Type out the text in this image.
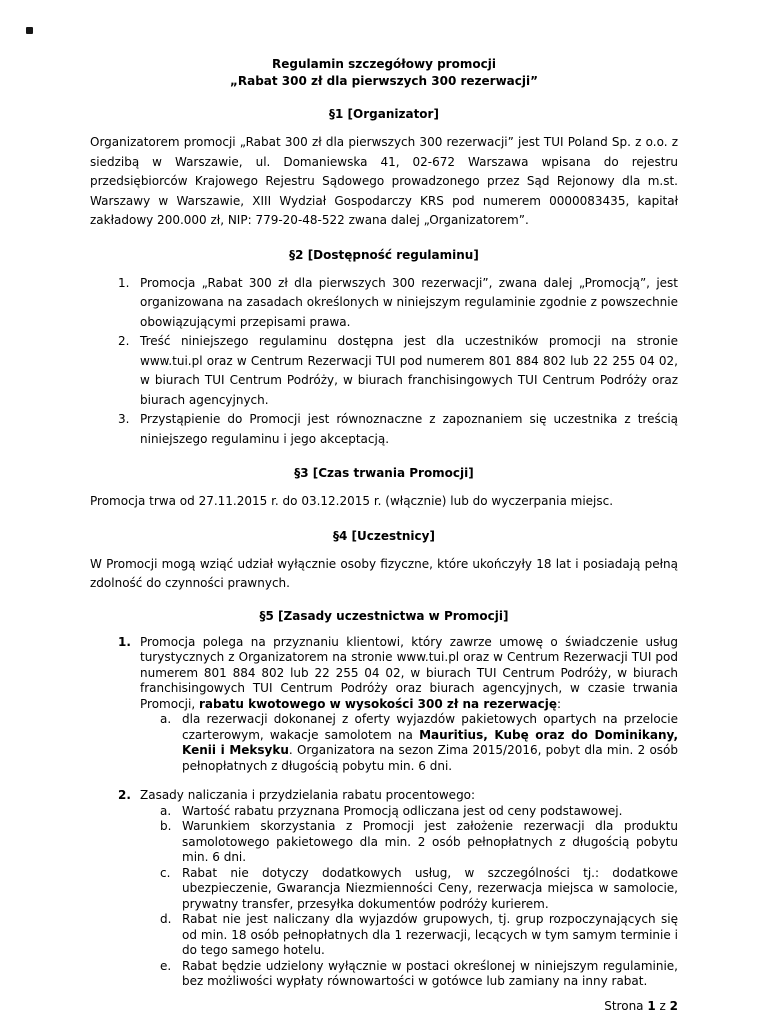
Regulamin szczegółowy promocji
„Rabat 300 zł dla pierwszych 300 rezerwacji”
§1 [Organizator]

Organizatorem promocji „Rabat 300 zł dla pierwszych 300 rezerwacji” jest TUI Poland Sp. z o.o. z siedzibą w Warszawie, ul. Domaniewska 41, 02-672 Warszawa wpisana do rejestru przedsiębiorców Krajowego Rejestru Sądowego prowadzonego przez Sąd Rejonowy dla m.st. Warszawy w Warszawie, XIII Wydział Gospodarczy KRS pod numerem 0000083435, kapitał zakładowy 200.000 zł, NIP: 779-20-48-522 zwana dalej „Organizatorem”.

§2 [Dostępność regulaminu]
1. Promocja „Rabat 300 zł dla pierwszych 300 rezerwacji”, zwana dalej „Promocją”, jest organizowana na zasadach określonych w niniejszym regulaminie zgodnie z powszechnie obowiązującymi przepisami prawa.
2. Treść niniejszego regulaminu dostępna jest dla uczestników promocji na stronie www.tui.pl oraz w Centrum Rezerwacji TUI pod numerem 801 884 802 lub 22 255 04 02, w biurach TUI Centrum Podróży, w biurach franchisingowych TUI Centrum Podróży oraz biurach agencyjnych.
3. Przystąpienie do Promocji jest równoznaczne z zapoznaniem się uczestnika z treścią niniejszego regulaminu i jego akceptacją.
§3 [Czas trwania Promocji]

Promocja trwa od 27.11.2015 r. do 03.12.2015 r. (włącznie) lub do wyczerpania miejsc.

§4 [Uczestnicy]

W Promocji mogą wziąć udział wyłącznie osoby fizyczne, które ukończyły 18 lat i posiadają pełną zdolność do czynności prawnych.

§5 [Zasady uczestnictwa w Promocji]
1. Promocja polega na przyznaniu klientowi, który zawrze umowę o świadczenie usług turystycznych z Organizatorem na stronie www.tui.pl oraz w Centrum Rezerwacji TUI pod numerem 801 884 802 lub 22 255 04 02, w biurach TUI Centrum Podróży, w biurach franchisingowych TUI Centrum Podróży oraz biurach agencyjnych, w czasie trwania Promocji, rabatu kwotowego w wysokości 300 zł na rezerwację:
a. dla rezerwacji dokonanej z oferty wyjazdów pakietowych opartych na przelocie czarterowym, wakacje samolotem na Mauritius, Kubę oraz do Dominikany, Kenii i Meksyku. Organizatora na sezon Zima 2015/2016, pobyt dla min. 2 osób pełnopłatnych z długością pobytu min. 6 dni.
2. Zasady naliczania i przydzielania rabatu procentowego:
a. Wartość rabatu przyznana Promocją odliczana jest od ceny podstawowej.
b. Warunkiem skorzystania z Promocji jest założenie rezerwacji dla produktu samolotowego pakietowego dla min. 2 osób pełnopłatnych z długością pobytu min. 6 dni.
c. Rabat nie dotyczy dodatkowych usług, w szczególności tj.: dodatkowe ubezpieczenie, Gwarancja Niezmienności Ceny, rezerwacja miejsca w samolocie, prywatny transfer, przesyłka dokumentów podróży kurierem.
d. Rabat nie jest naliczany dla wyjazdów grupowych, tj. grup rozpoczynających się od min. 18 osób pełnopłatnych dla 1 rezerwacji, lecących w tym samym terminie i do tego samego hotelu.
e. Rabat będzie udzielony wyłącznie w postaci określonej w niniejszym regulaminie, bez możliwości wypłaty równowartości w gotówce lub zamiany na inny rabat.
Strona 1 z 2
